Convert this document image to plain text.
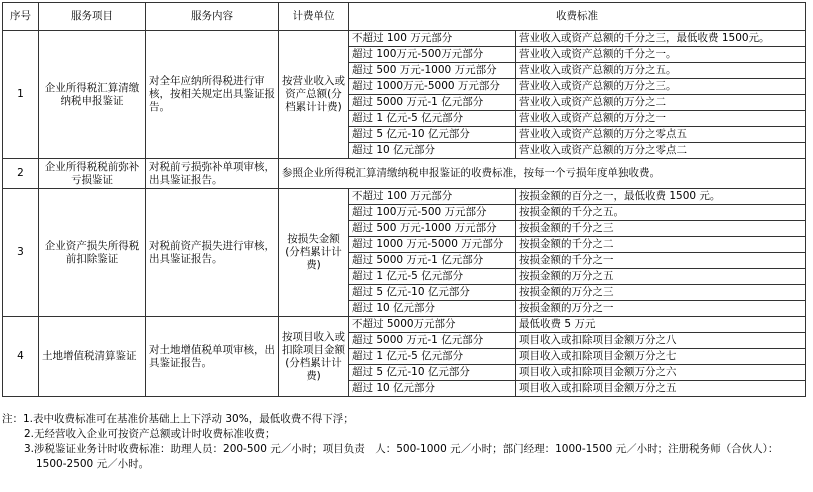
序号	服务项目	服务内容	计费单位	收费标准	
1	企业所得税汇算清缴纳税申报鉴证	对全年应纳所得税进行审核，按相关规定出具鉴证报告。	按营业收入或资产总额(分档累计计费)	不超过 100 万元部分	营业收入或资产总额的千分之三，最低收费 1500元。
				超过 100万元-500万元部分	营业收入或资产总额的千分之一。
				超过 500 万元-1000 万元部分	营业收入或资产总额的万分之五。
				超过 1000万元-5000 万元部分	营业收入或资产总额的万分之三。
				超过 5000 万元-1 亿元部分	营业收入或资产总额的万分之二
				超过 1 亿元-5 亿元部分	营业收入或资产总额的万分之一
				超过 5 亿元-10 亿元部分	营业收入或资产总额的万分之零点五
				超过 10 亿元部分	营业收入或资产总额的万分之零点二
2	企业所得税税前弥补亏损鉴证	对税前亏损弥补单项审核，出具鉴证报告。	参照企业所得税汇算清缴纳税申报鉴证的收费标准，按每一个亏损年度单独收费。		
3	企业资产损失所得税前扣除鉴证	对税前资产损失进行审核，出具鉴证报告。	按损失金额(分档累计计费)	不超过 100 万元部分	按损金额的百分之一，最低收费 1500 元。
				超过 100万元-500 万元部分	按损金额的千分之五。
				超过 500 万元-1000 万元部分	按损金额的千分之三
				超过 1000 万元-5000 万元部分	按损金额的千分之二
				超过 5000 万元-1 亿元部分	按损金额的千分之一
				超过 1 亿元-5 亿元部分	按损金额的万分之五
				超过 5 亿元-10 亿元部分	按损金额的万分之三
				超过 10 亿元部分	按损金额的万分之一
4	土地增值税清算鉴证	对土地增值税单项审核，出具鉴证报告。	按项目收入或扣除项目金额(分档累计计费)	不超过 5000万元部分	最低收费 5 万元
				超过 5000 万元-1 亿元部分	项目收入或扣除项目金额万分之八
				超过 1 亿元-5 亿元部分	项目收入或扣除项目金额万分之七
				超过 5 亿元-10 亿元部分	项目收入或扣除项目金额万分之六
				超过 10 亿元部分	项目收入或扣除项目金额万分之五
注：1.表中收费标准可在基准价基础上上下浮动 30%，最低收费不得下浮；
2.无经营收入企业可按资产总额或计时收费标准收费；
3.涉税鉴证业务计时收费标准：助理人员：200-500 元／小时；项目负责　人：500-1000 元／小时；部门经理：1000-1500 元／小时；注册税务师（合伙人）：
1500-2500 元／小时。
